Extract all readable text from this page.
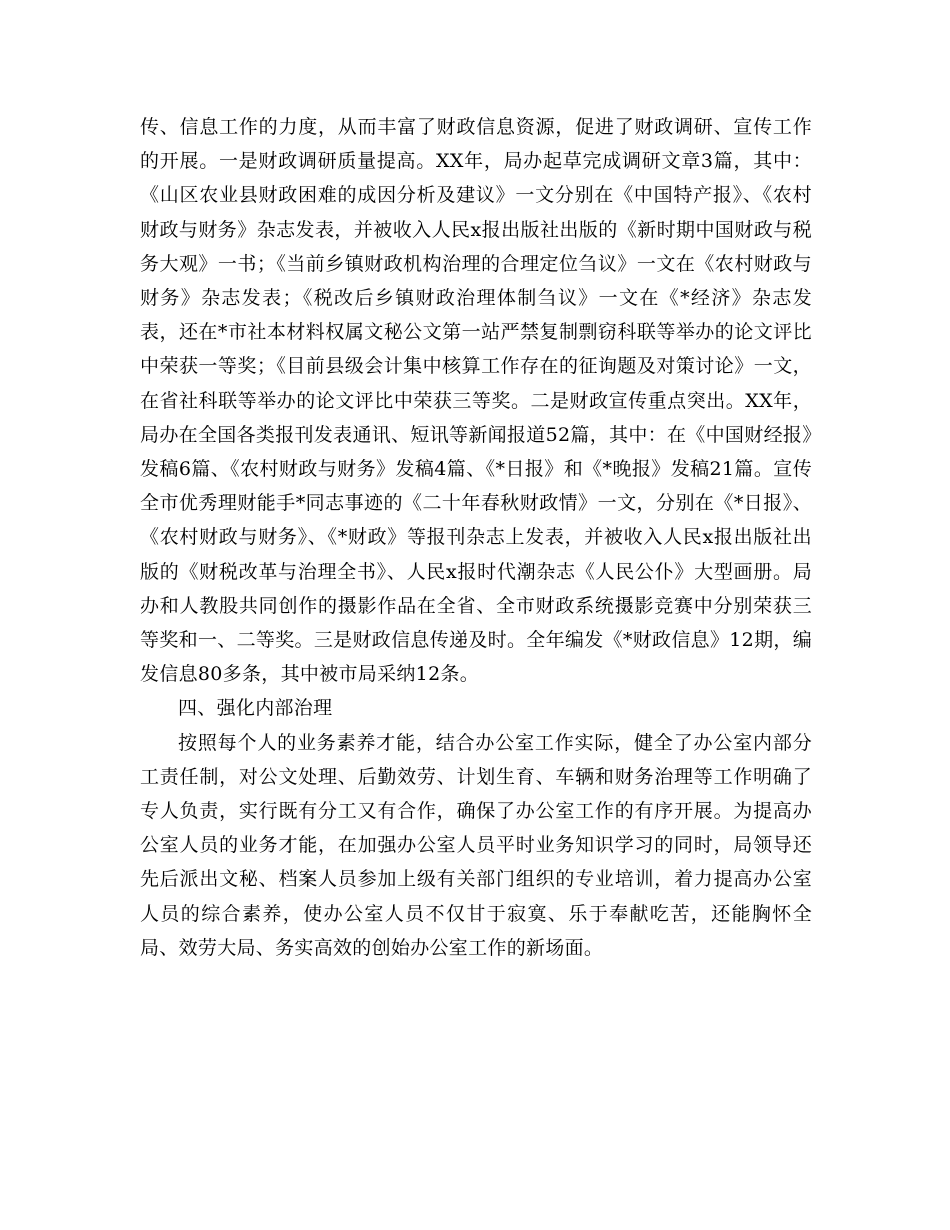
传、信息工作的力度，从而丰富了财政信息资源，促进了财政调研、宣传工作的开展。一是财政调研质量提高。XX年，局办起草完成调研文章3篇，其中：《山区农业县财政困难的成因分析及建议》一文分别在《中国特产报》、《农村财政与财务》杂志发表，并被收入人民x报出版社出版的《新时期中国财政与税务大观》一书；《当前乡镇财政机构治理的合理定位刍议》一文在《农村财政与财务》杂志发表；《税改后乡镇财政治理体制刍议》一文在《*经济》杂志发表，还在*市社本材料权属文秘公文第一站严禁复制剽窃科联等举办的论文评比中荣获一等奖；《目前县级会计集中核算工作存在的征询题及对策讨论》一文，在省社科联等举办的论文评比中荣获三等奖。二是财政宣传重点突出。XX年，局办在全国各类报刊发表通讯、短讯等新闻报道52篇，其中：在《中国财经报》发稿6篇、《农村财政与财务》发稿4篇、《*日报》和《*晚报》发稿21篇。宣传全市优秀理财能手*同志事迹的《二十年春秋财政情》一文，分别在《*日报》、《农村财政与财务》、《*财政》等报刊杂志上发表，并被收入人民x报出版社出版的《财税改革与治理全书》、人民x报时代潮杂志《人民公仆》大型画册。局办和人教股共同创作的摄影作品在全省、全市财政系统摄影竞赛中分别荣获三等奖和一、二等奖。三是财政信息传递及时。全年编发《*财政信息》12期，编发信息80多条，其中被市局采纳12条。

四、强化内部治理

按照每个人的业务素养才能，结合办公室工作实际，健全了办公室内部分工责任制，对公文处理、后勤效劳、计划生育、车辆和财务治理等工作明确了专人负责，实行既有分工又有合作，确保了办公室工作的有序开展。为提高办公室人员的业务才能，在加强办公室人员平时业务知识学习的同时，局领导还先后派出文秘、档案人员参加上级有关部门组织的专业培训，着力提高办公室人员的综合素养，使办公室人员不仅甘于寂寞、乐于奉献吃苦，还能胸怀全局、效劳大局、务实高效的创始办公室工作的新场面。
